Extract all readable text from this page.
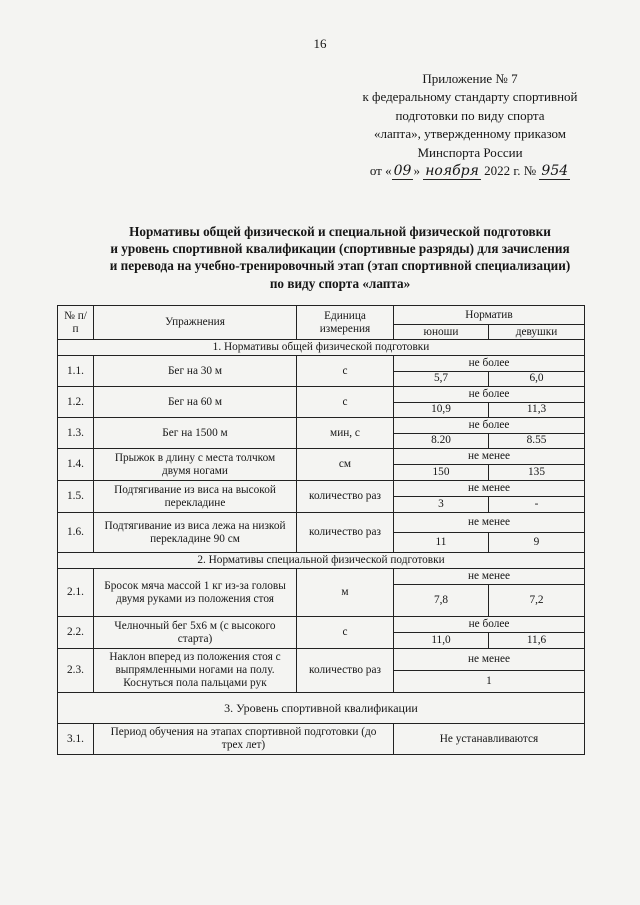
16
Приложение № 7
к федеральному стандарту спортивной
подготовки по виду спорта
«лапта», утвержденному приказом
Минспорта России
от « 09 » ноября 2022 г. № 954
Нормативы общей физической и специальной физической подготовки
и уровень спортивной квалификации (спортивные разряды) для зачисления
и перевода на учебно-тренировочный этап (этап спортивной специализации)
по виду спорта «лапта»
№ п/п	Упражнения	Единица измерения	Норматив	
			юноши	девушки
1. Нормативы общей физической подготовки				
1.1.	Бег на 30 м	с	не более	
			5,7	6,0
1.2.	Бег на 60 м	с	не более	
			10,9	11,3
1.3.	Бег на 1500 м	мин, с	не более	
			8.20	8.55
1.4.	Прыжок в длину с места толчком двумя ногами	см	не менее	
			150	135
1.5.	Подтягивание из виса на высокой перекладине	количество раз	не менее	
			3	-
1.6.	Подтягивание из виса лежа на низкой перекладине 90 см	количество раз	не менее	
			11	9
2. Нормативы специальной физической подготовки				
2.1.	Бросок мяча массой 1 кг из-за головы двумя руками из положения стоя	м	не менее	
			7,8	7,2
2.2.	Челночный бег 5х6 м (с высокого старта)	с	не более	
			11,0	11,6
2.3.	Наклон вперед из положения стоя с выпрямленными ногами на полу. Коснуться пола пальцами рук	количество раз	не менее	
			1	
3. Уровень спортивной квалификации				
3.1.	Период обучения на этапах спортивной подготовки (до трех лет)		Не устанавливаются	
